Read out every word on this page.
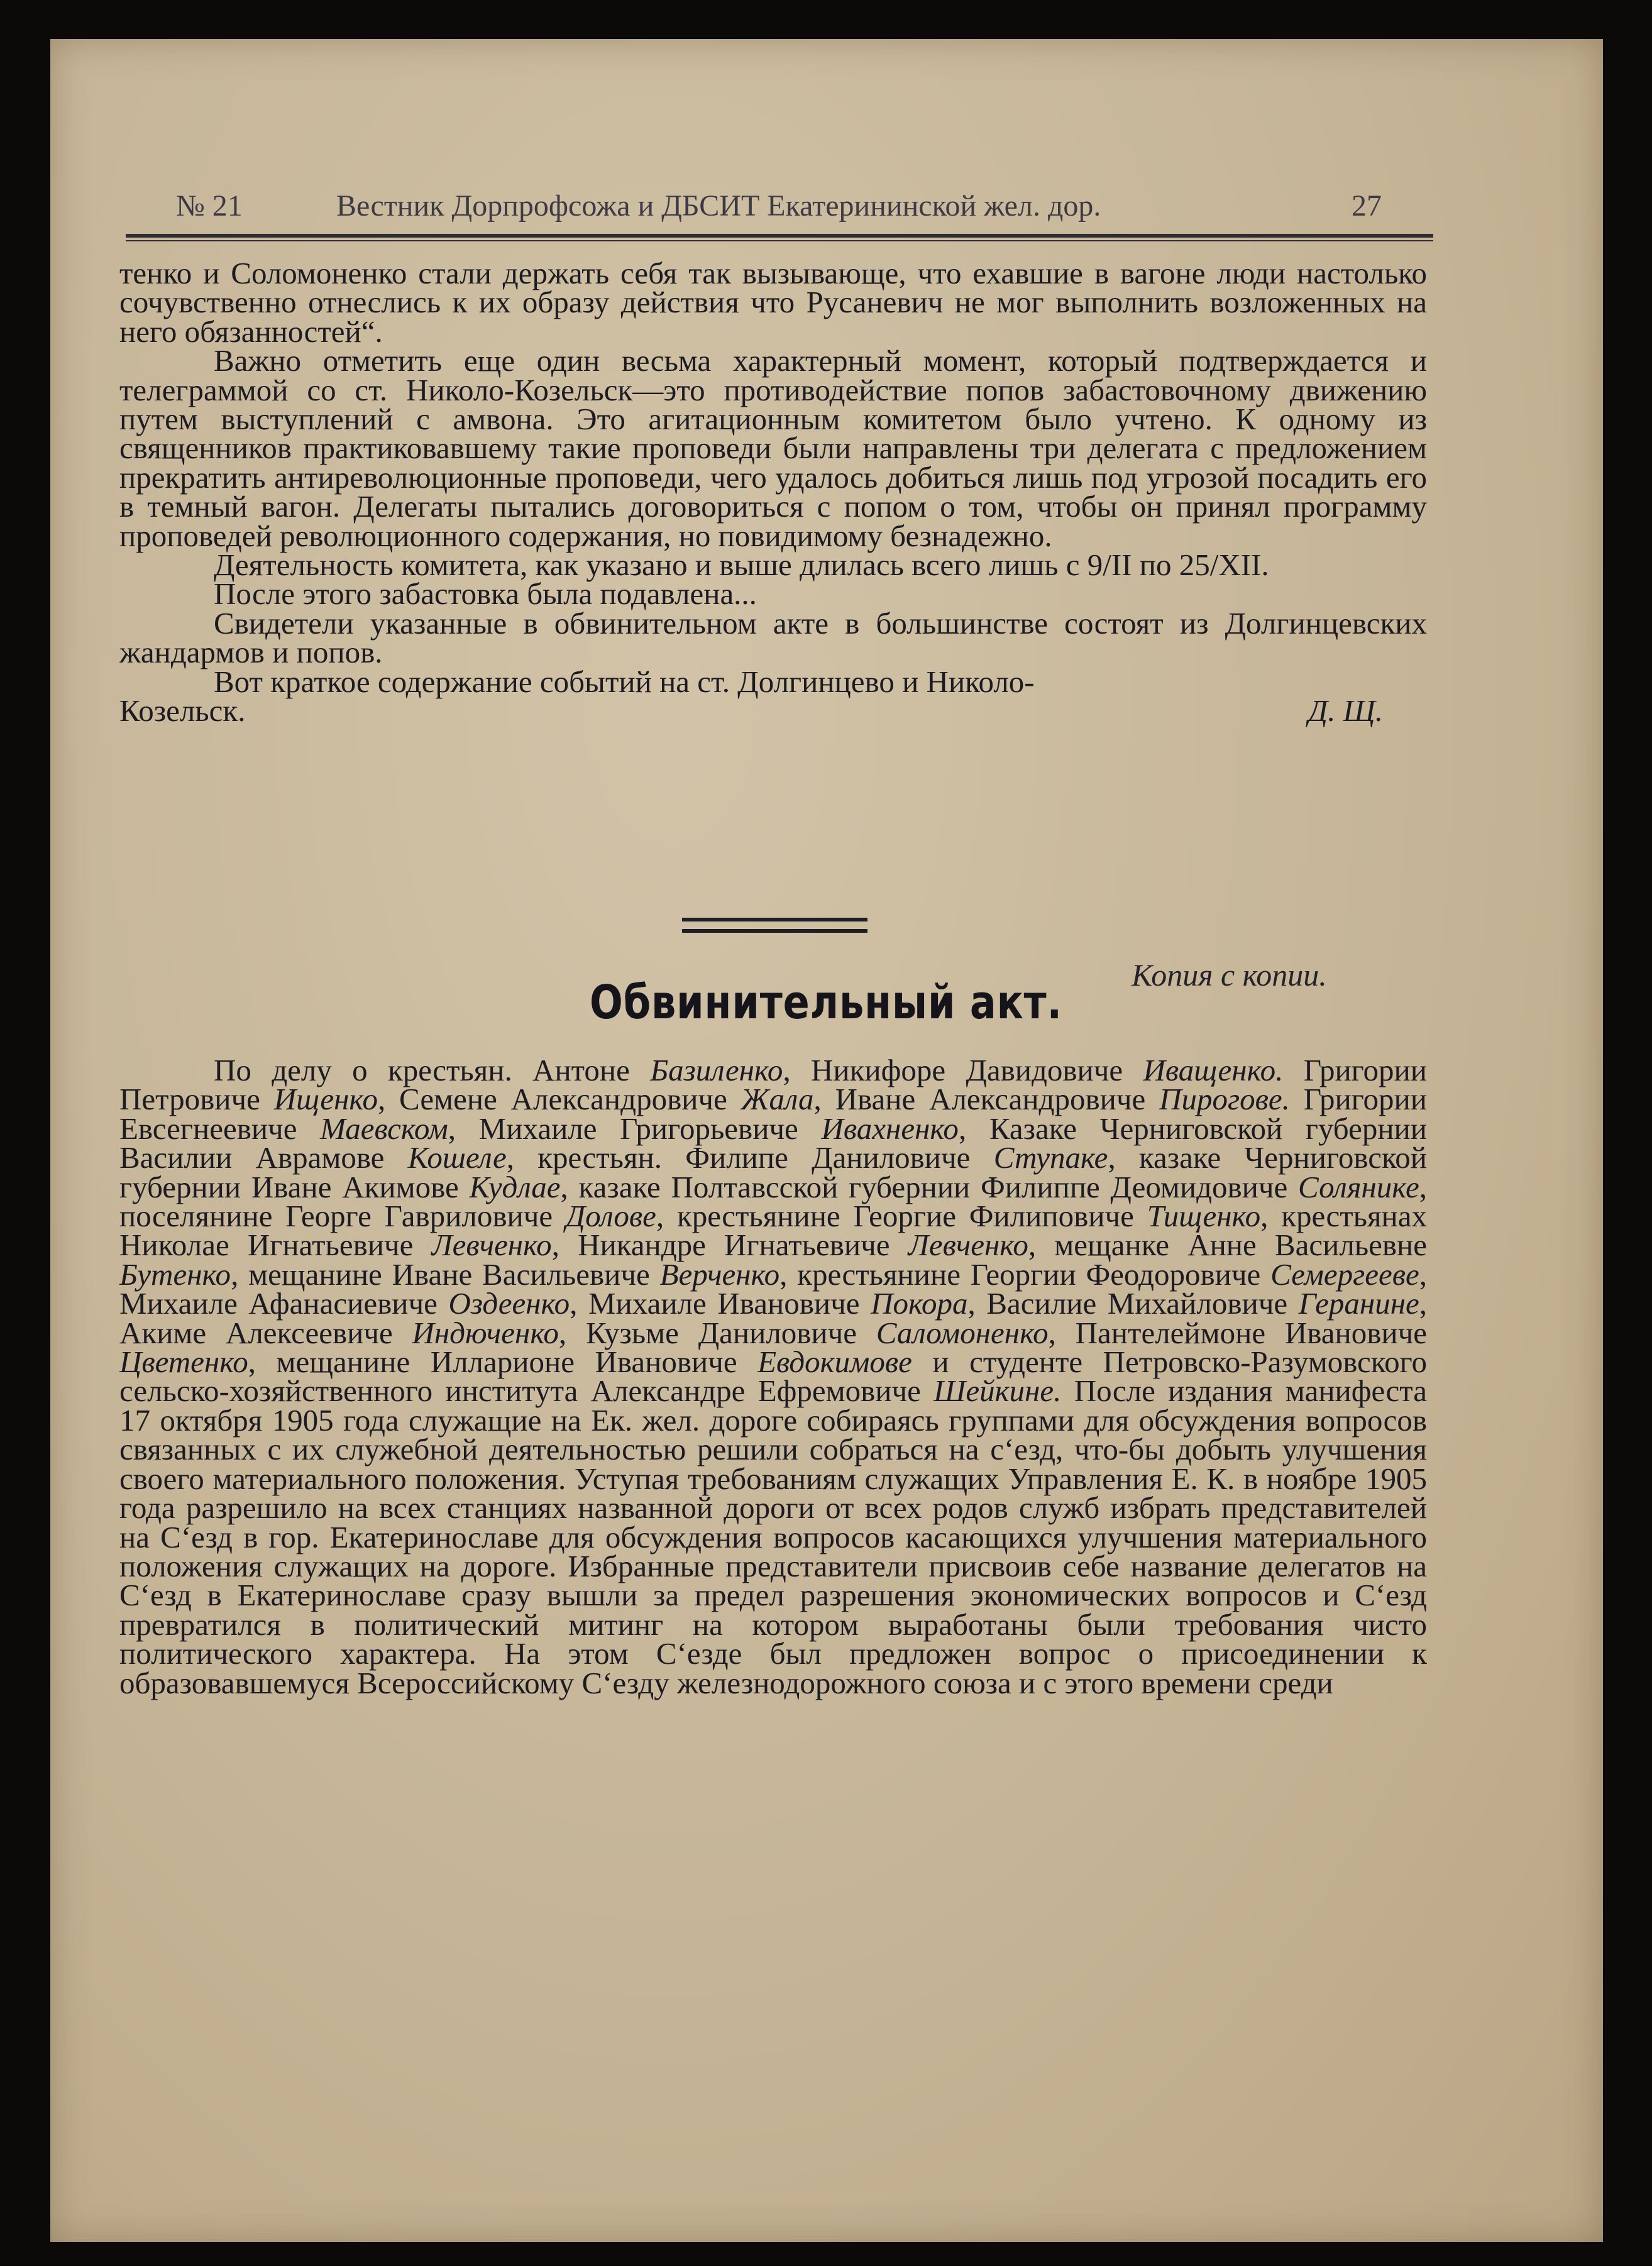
№ 21	Вестник Дорпрофсожа и ДБСИТ Екатерининской жел. дор.	27

тенко и Соломоненко стали держать себя так вызывающе, что ехавшие в вагоне люди настолько сочувственно отнеслись к их образу действия что Русаневич не мог выполнить возложенных на него обязанностей“.

Важно отметить еще один весьма характерный момент, который подтверждается и телеграммой со ст. Николо-Козельск—это противодействие попов забастовочному движению путем выступлений с амвона. Это агитационным комитетом было учтено. К одному из священников практиковавшему такие проповеди были направлены три делегата с предложением прекратить антиреволюционные проповеди, чего удалось добиться лишь под угрозой посадить его в темный вагон. Делегаты пытались договориться с попом о том, чтобы он принял программу проповедей революционного содержания, но повидимому безнадежно.

Деятельность комитета, как указано и выше длилась всего лишь с 9/II по 25/XII.

После этого забастовка была подавлена...

Свидетели указанные в обвинительном акте в большинстве состоят из Долгинцевских жандармов и попов.

Вот краткое содержание событий на ст. Долгинцево и Николо-

Козельск.	Д. Щ.
Копия с копии.
Обвинительный акт.

По делу о крестьян. Антоне Базиленко, Никифоре Давидовиче Иващенко. Григории Петровиче Ищенко, Семене Александровиче Жала, Иване Александровиче Пирогове. Григории Евсегнеевиче Маевском, Михаиле Григорьевиче Ивахненко, Казаке Черниговской губернии Василии Аврамове Кошеле, крестьян. Филипе Даниловиче Ступаке, казаке Черниговской губернии Иване Акимове Кудлае, казаке Полтавсской губернии Филиппе Деомидовиче Солянике, поселянине Георге Гавриловиче Долове, крестьянине Георгие Филиповиче Тищенко, крестьянах Николае Игнатьевиче Левченко, Никандре Игнатьевиче Левченко, мещанке Анне Васильевне Бутенко, мещанине Иване Васильевиче Верченко, крестьянине Георгии Феодоровиче Семергееве, Михаиле Афанасиевиче Оздеенко, Михаиле Ивановиче Покора, Василие Михайловиче Геранине, Акиме Алексеевиче Индюченко, Кузьме Даниловиче Саломоненко, Пантелеймоне Ивановиче Цветенко, мещанине Илларионе Ивановиче Евдокимове и студенте Петровско-Разумовского сельско-хозяйственного института Александре Ефремовиче Шейкине. После издания манифеста 17 октября 1905 года служащие на Ек. жел. дороге собираясь группами для обсуждения вопросов связанных с их служебной деятельностью решили собраться на с‘езд, что-бы добыть улучшения своего материального положения. Уступая требованиям служащих Управления Е. К. в ноябре 1905 года разрешило на всех станциях названной дороги от всех родов служб избрать представителей на С‘езд в гор. Екатеринославе для обсуждения вопросов касающихся улучшения материального положения служащих на дороге. Избранные представители присвоив себе название делегатов на С‘езд в Екатеринославе сразу вышли за предел разрешения экономических вопросов и С‘езд превратился в политический митинг на котором выработаны были требования чисто политического характера. На этом С‘езде был предложен вопрос о присоединении к образовавшемуся Всероссийскому С‘езду железнодорожного союза и с этого времени среди
